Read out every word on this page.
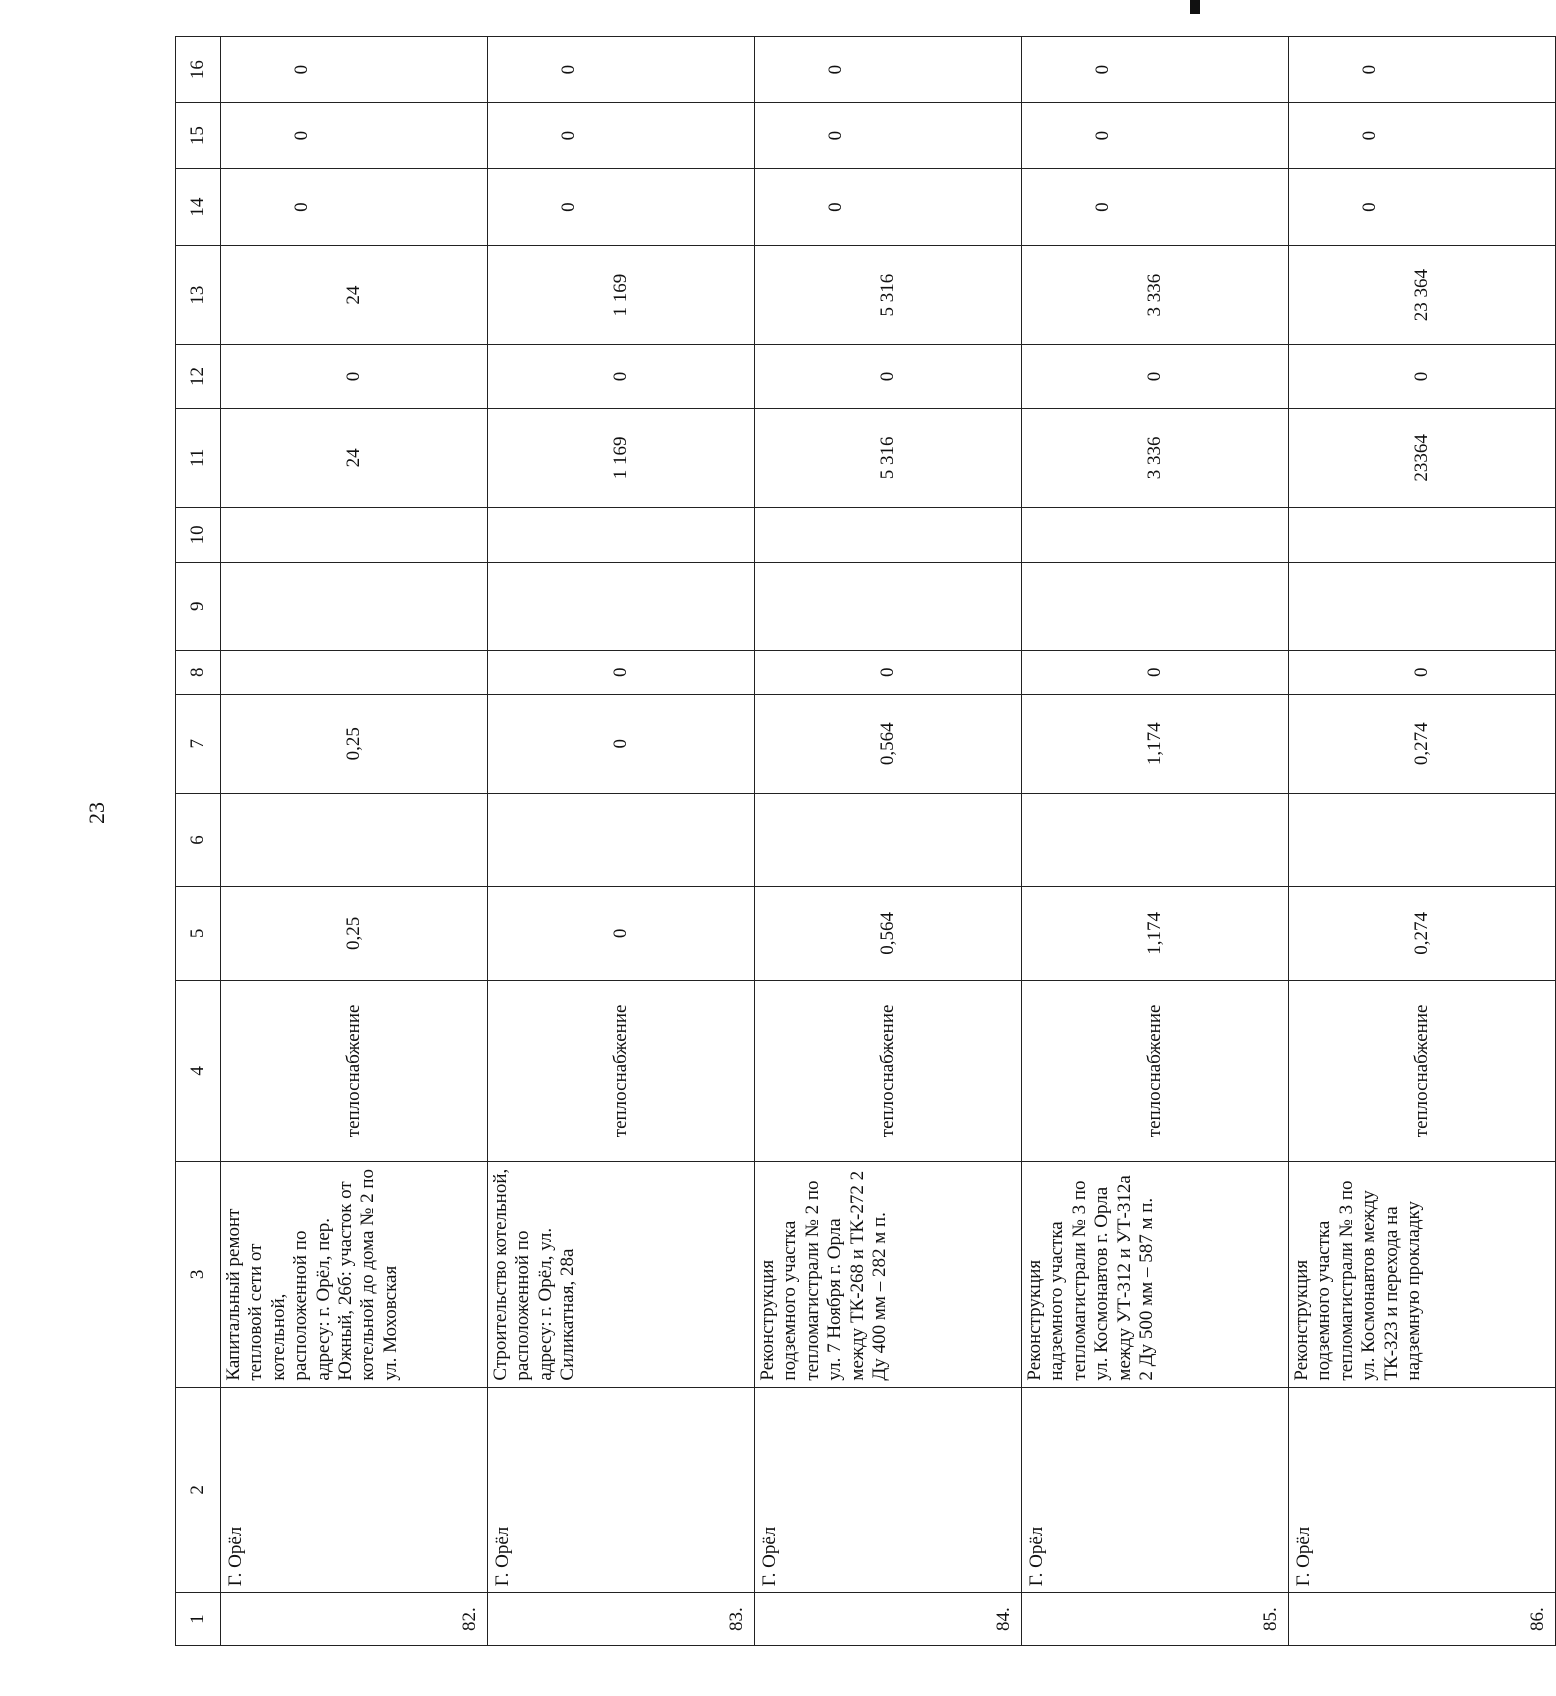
23
1	2	3	4	5	6	7	8	9	10	11	12	13	14	15	16
82.	Г. Орёл	Капитальный ремонт тепловой сети от котельной, расположенной по адресу: г. Орёл, пер. Южный, 26б: участок от котельной до дома № 2 по ул. Моховская	теплоснабжение	0,25		0,25				24	0	24	0	0	0
83.	Г. Орёл	Строительство котельной, расположенной по адресу: г. Орёл, ул. Силикатная, 28а	теплоснабжение	0		0	0			1 169	0	1 169	0	0	0
84.	Г. Орёл	Реконструкция подземного участка тепломагистрали № 2 по ул. 7 Ноября г. Орла между ТК-268 и ТК-272 2 Ду 400 мм – 282 м п.	теплоснабжение	0,564		0,564	0			5 316	0	5 316	0	0	0
85.	Г. Орёл	Реконструкция надземного участка тепломагистрали № 3 по ул. Космонавтов г. Орла между УТ-312 и УТ-312а 2 Ду 500 мм – 587 м п.	теплоснабжение	1,174		1,174	0			3 336	0	3 336	0	0	0
86.	Г. Орёл	Реконструкция подземного участка тепломагистрали № 3 по ул. Космонавтов между ТК-323 и перехода на надземную прокладку	теплоснабжение	0,274		0,274	0			23364	0	23 364	0	0	0
